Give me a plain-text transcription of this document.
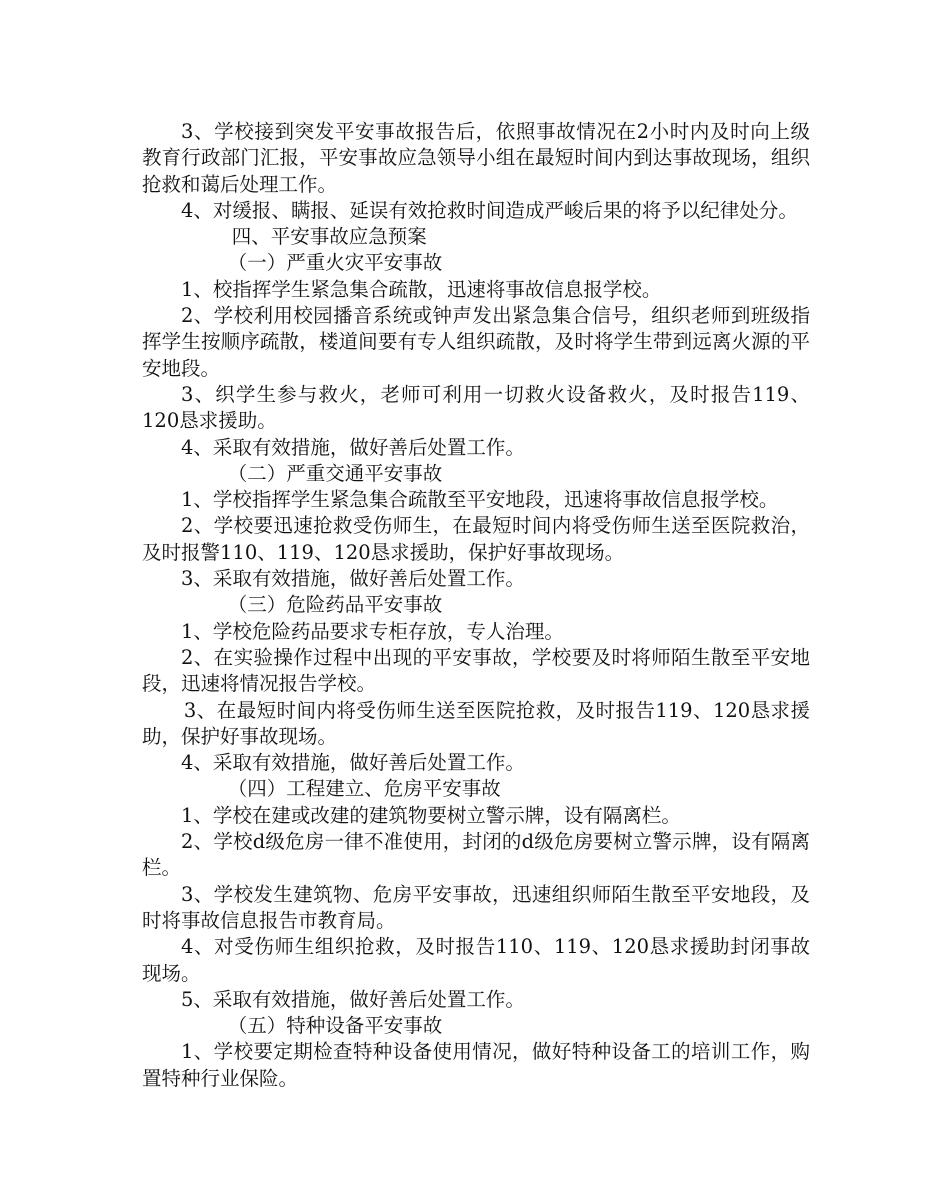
3、学校接到突发平安事故报告后，依照事故情况在2小时内及时向上级教育行政部门汇报，平安事故应急领导小组在最短时间内到达事故现场，组织抢救和蔼后处理工作。

4、对缓报、瞒报、延误有效抢救时间造成严峻后果的将予以纪律处分。

四、平安事故应急预案

（一）严重火灾平安事故

1、校指挥学生紧急集合疏散，迅速将事故信息报学校。

2、学校利用校园播音系统或钟声发出紧急集合信号，组织老师到班级指挥学生按顺序疏散，楼道间要有专人组织疏散，及时将学生带到远离火源的平安地段。

3、织学生参与救火，老师可利用一切救火设备救火，及时报告119、120恳求援助。

4、采取有效措施，做好善后处置工作。

（二）严重交通平安事故

1、学校指挥学生紧急集合疏散至平安地段，迅速将事故信息报学校。

2、学校要迅速抢救受伤师生，在最短时间内将受伤师生送至医院救治，及时报警110、119、120恳求援助，保护好事故现场。

3、采取有效措施，做好善后处置工作。

（三）危险药品平安事故

1、学校危险药品要求专柜存放，专人治理。

2、在实验操作过程中出现的平安事故，学校要及时将师陌生散至平安地段，迅速将情况报告学校。

3、在最短时间内将受伤师生送至医院抢救，及时报告119、120恳求援助，保护好事故现场。

4、采取有效措施，做好善后处置工作。

（四）工程建立、危房平安事故

1、学校在建或改建的建筑物要树立警示牌，设有隔离栏。

2、学校d级危房一律不准使用，封闭的d级危房要树立警示牌，设有隔离栏。

3、学校发生建筑物、危房平安事故，迅速组织师陌生散至平安地段，及时将事故信息报告市教育局。

4、对受伤师生组织抢救，及时报告110、119、120恳求援助封闭事故现场。

5、采取有效措施，做好善后处置工作。

（五）特种设备平安事故

1、学校要定期检查特种设备使用情况，做好特种设备工的培训工作，购置特种行业保险。
